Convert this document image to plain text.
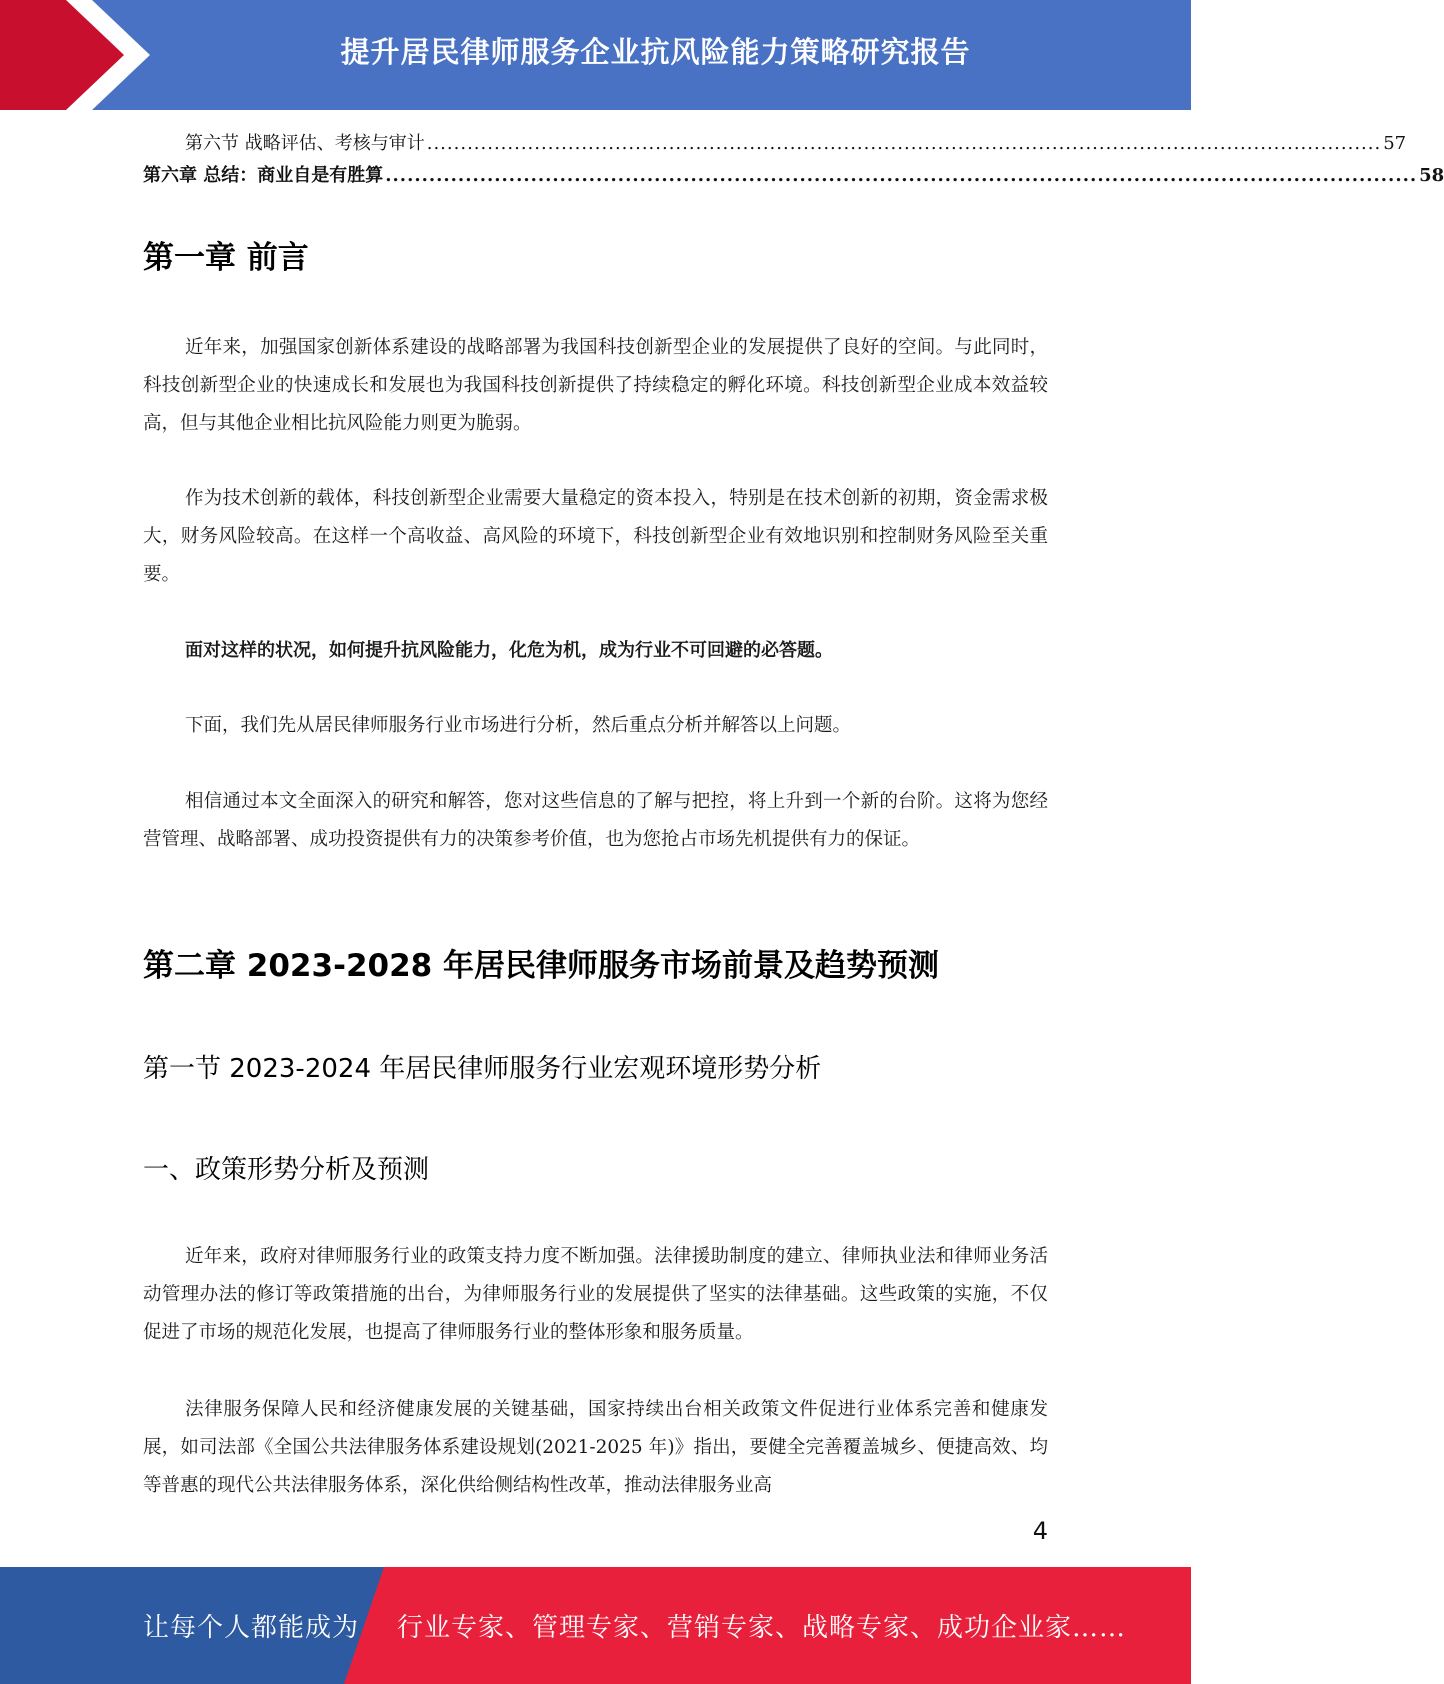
提升居民律师服务企业抗风险能力策略研究报告
第六节 战略评估、考核与审计 .............................................................................................................................................. 57
第六章 总结：商业自是有胜算 .............................................................................................................................................. 58
第一章 前言

近年来，加强国家创新体系建设的战略部署为我国科技创新型企业的发展提供了良好的空间。与此同时，科技创新型企业的快速成长和发展也为我国科技创新提供了持续稳定的孵化环境。科技创新型企业成本效益较高，但与其他企业相比抗风险能力则更为脆弱。

作为技术创新的载体，科技创新型企业需要大量稳定的资本投入，特别是在技术创新的初期，资金需求极大，财务风险较高。在这样一个高收益、高风险的环境下，科技创新型企业有效地识别和控制财务风险至关重要。

面对这样的状况，如何提升抗风险能力，化危为机，成为行业不可回避的必答题。

下面，我们先从居民律师服务行业市场进行分析，然后重点分析并解答以上问题。

相信通过本文全面深入的研究和解答，您对这些信息的了解与把控，将上升到一个新的台阶。这将为您经营管理、战略部署、成功投资提供有力的决策参考价值，也为您抢占市场先机提供有力的保证。

第二章 2023-2028 年居民律师服务市场前景及趋势预测
第一节 2023-2024 年居民律师服务行业宏观环境形势分析
一、政策形势分析及预测

近年来，政府对律师服务行业的政策支持力度不断加强。法律援助制度的建立、律师执业法和律师业务活动管理办法的修订等政策措施的出台，为律师服务行业的发展提供了坚实的法律基础。这些政策的实施，不仅促进了市场的规范化发展，也提高了律师服务行业的整体形象和服务质量。

法律服务保障人民和经济健康发展的关键基础，国家持续出台相关政策文件促进行业体系完善和健康发展，如司法部《全国公共法律服务体系建设规划(2021-2025 年)》指出，要健全完善覆盖城乡、便捷高效、均等普惠的现代公共法律服务体系，深化供给侧结构性改革，推动法律服务业高

4
让每个人都能成为 行业专家、管理专家、营销专家、战略专家、成功企业家……
